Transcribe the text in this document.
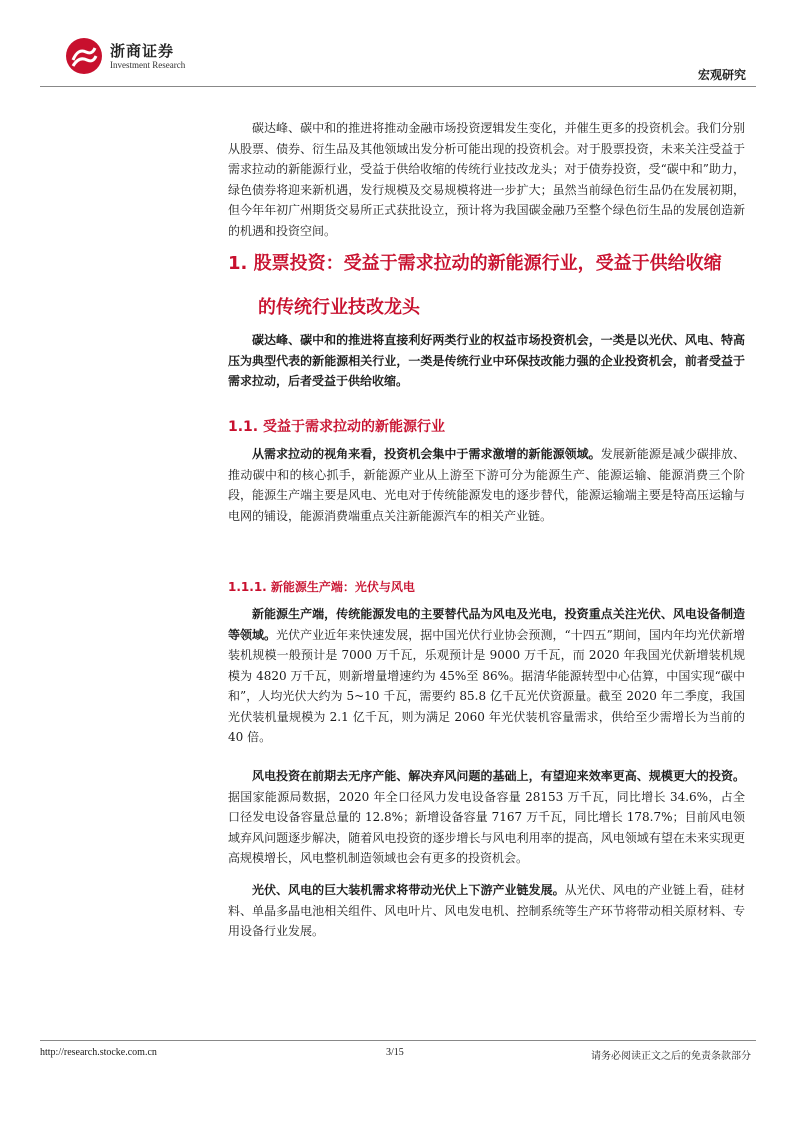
浙商证券
Investment Research
宏观研究

碳达峰、碳中和的推进将推动金融市场投资逻辑发生变化，并催生更多的投资机会。我们分别从股票、债券、衍生品及其他领域出发分析可能出现的投资机会。对于股票投资，未来关注受益于需求拉动的新能源行业，受益于供给收缩的传统行业技改龙头；对于债券投资，受“碳中和”助力，绿色债券将迎来新机遇，发行规模及交易规模将进一步扩大；虽然当前绿色衍生品仍在发展初期，但今年年初广州期货交易所正式获批设立，预计将为我国碳金融乃至整个绿色衍生品的发展创造新的机遇和投资空间。

1. 股票投资：受益于需求拉动的新能源行业，受益于供给收缩
的传统行业技改龙头

碳达峰、碳中和的推进将直接利好两类行业的权益市场投资机会，一类是以光伏、风电、特高压为典型代表的新能源相关行业，一类是传统行业中环保技改能力强的企业投资机会，前者受益于需求拉动，后者受益于供给收缩。

1.1. 受益于需求拉动的新能源行业

从需求拉动的视角来看，投资机会集中于需求激增的新能源领域。发展新能源是减少碳排放、推动碳中和的核心抓手，新能源产业从上游至下游可分为能源生产、能源运输、能源消费三个阶段，能源生产端主要是风电、光电对于传统能源发电的逐步替代，能源运输端主要是特高压运输与电网的铺设，能源消费端重点关注新能源汽车的相关产业链。

1.1.1. 新能源生产端：光伏与风电

新能源生产端，传统能源发电的主要替代品为风电及光电，投资重点关注光伏、风电设备制造等领域。光伏产业近年来快速发展，据中国光伏行业协会预测，“十四五”期间，国内年均光伏新增装机规模一般预计是 7000 万千瓦，乐观预计是 9000 万千瓦，而 2020 年我国光伏新增装机规模为 4820 万千瓦，则新增量增速约为 45%至 86%。据清华能源转型中心估算，中国实现“碳中和”，人均光伏大约为 5~10 千瓦，需要约 85.8 亿千瓦光伏资源量。截至 2020 年二季度，我国光伏装机量规模为 2.1 亿千瓦，则为满足 2060 年光伏装机容量需求，供给至少需增长为当前的 40 倍。

风电投资在前期去无序产能、解决弃风问题的基础上，有望迎来效率更高、规模更大的投资。据国家能源局数据，2020 年全口径风力发电设备容量 28153 万千瓦，同比增长 34.6%，占全口径发电设备容量总量的 12.8%；新增设备容量 7167 万千瓦，同比增长 178.7%；目前风电领域弃风问题逐步解决，随着风电投资的逐步增长与风电利用率的提高，风电领域有望在未来实现更高规模增长，风电整机制造领域也会有更多的投资机会。

光伏、风电的巨大装机需求将带动光伏上下游产业链发展。从光伏、风电的产业链上看，硅材料、单晶多晶电池相关组件、风电叶片、风电发电机、控制系统等生产环节将带动相关原材料、专用设备行业发展。

http://research.stocke.com.cn	3/15	请务必阅读正文之后的免责条款部分
